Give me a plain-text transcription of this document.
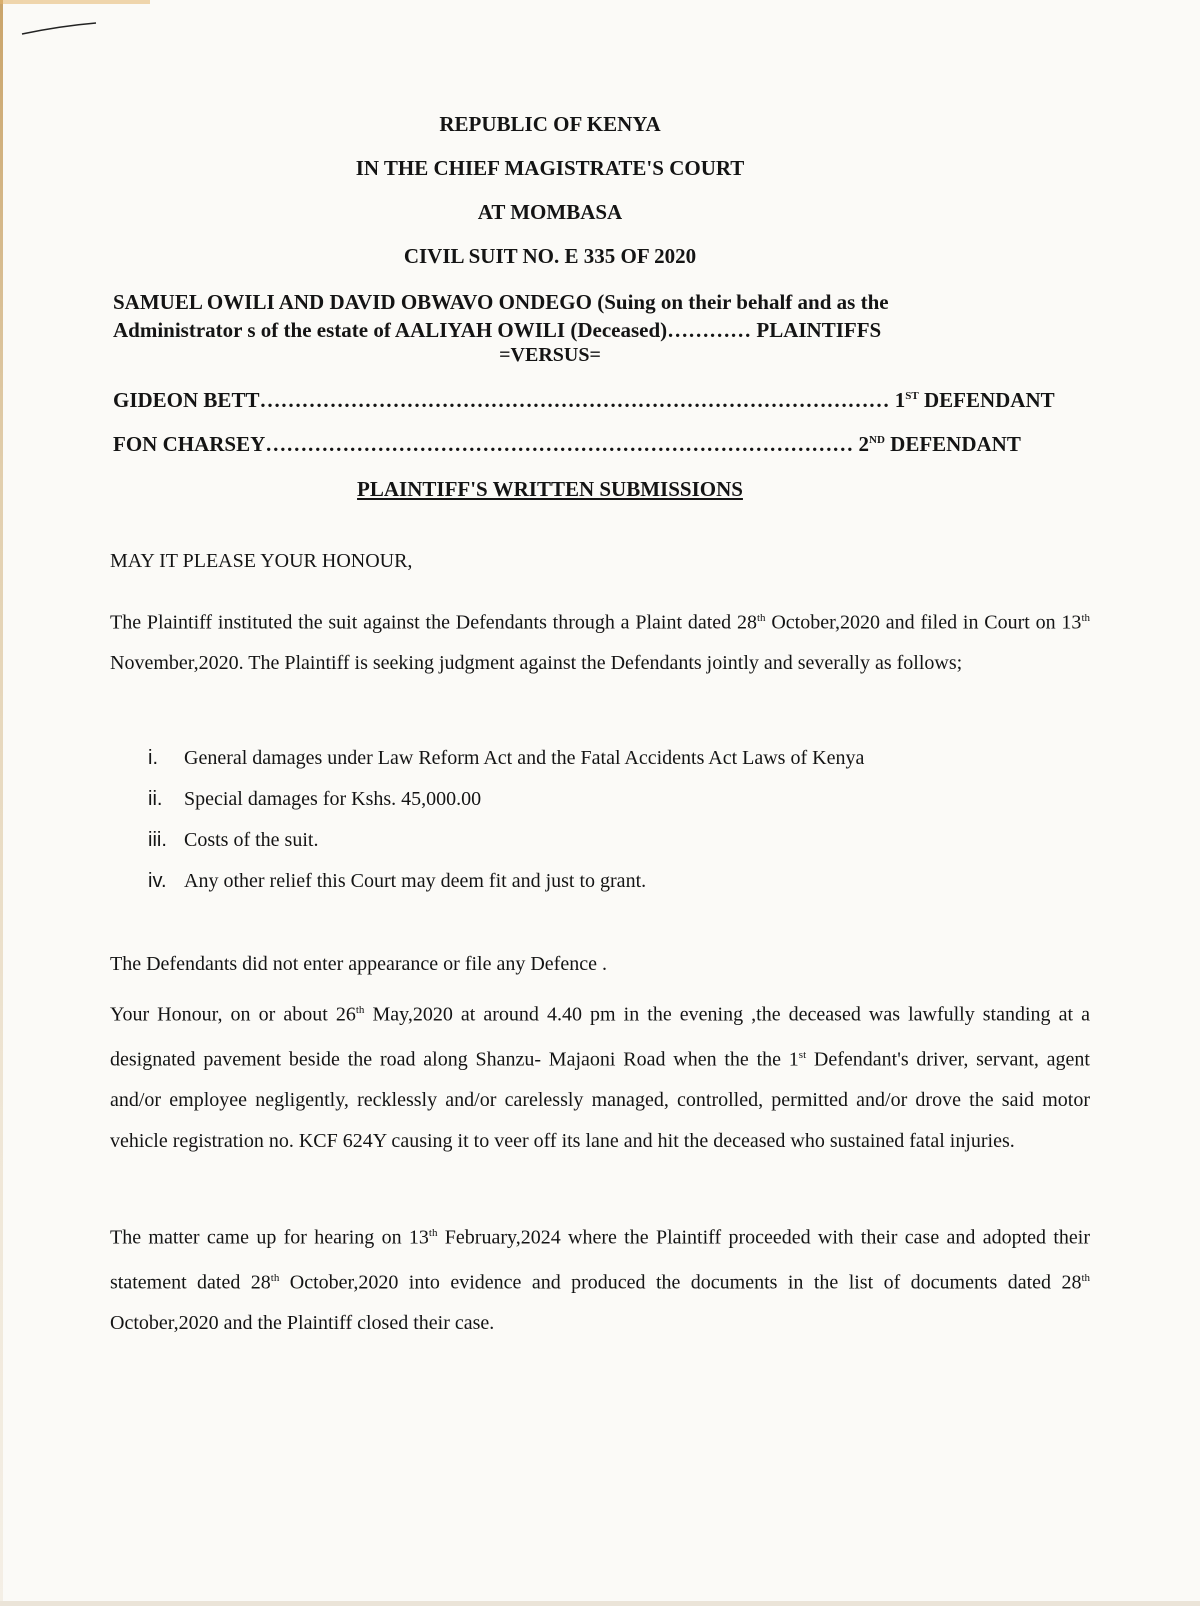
REPUBLIC OF KENYA
IN THE CHIEF MAGISTRATE'S COURT
AT MOMBASA
CIVIL SUIT NO. E 335 OF 2020
SAMUEL OWILI AND DAVID OBWAVO ONDEGO (Suing on their behalf and as the
Administrator s of the estate of AALIYAH OWILI (Deceased)………… PLAINTIFFS
=VERSUS=
GIDEON BETT……………………………………………………………………………… 1ST DEFENDANT
FON CHARSEY………………………………………………………………………… 2ND DEFENDANT
PLAINTIFF'S WRITTEN SUBMISSIONS
MAY IT PLEASE YOUR HONOUR,
The Plaintiff instituted the suit against the Defendants through a Plaint dated 28th October,2020 and filed in Court on 13th November,2020. The Plaintiff is seeking judgment against the Defendants jointly and severally as follows;
i.	General damages under Law Reform Act and the Fatal Accidents Act Laws of Kenya
ii.	Special damages for Kshs. 45,000.00
iii. Costs of the suit.
iv. Any other relief this Court may deem fit and just to grant.
The Defendants did not enter appearance or file any Defence .
Your Honour, on or about 26th May,2020 at around 4.40 pm in the evening ,the deceased was lawfully standing at a designated pavement beside the road along Shanzu- Majaoni Road when the the 1st Defendant's driver, servant, agent and/or employee negligently, recklessly and/or carelessly managed, controlled, permitted and/or drove the said motor vehicle registration no. KCF 624Y causing it to veer off its lane and hit the deceased who sustained fatal injuries.
The matter came up for hearing on 13th February,2024 where the Plaintiff proceeded with their case and adopted their statement dated 28th October,2020 into evidence and produced the documents in the list of documents dated 28th October,2020 and the Plaintiff closed their case.
